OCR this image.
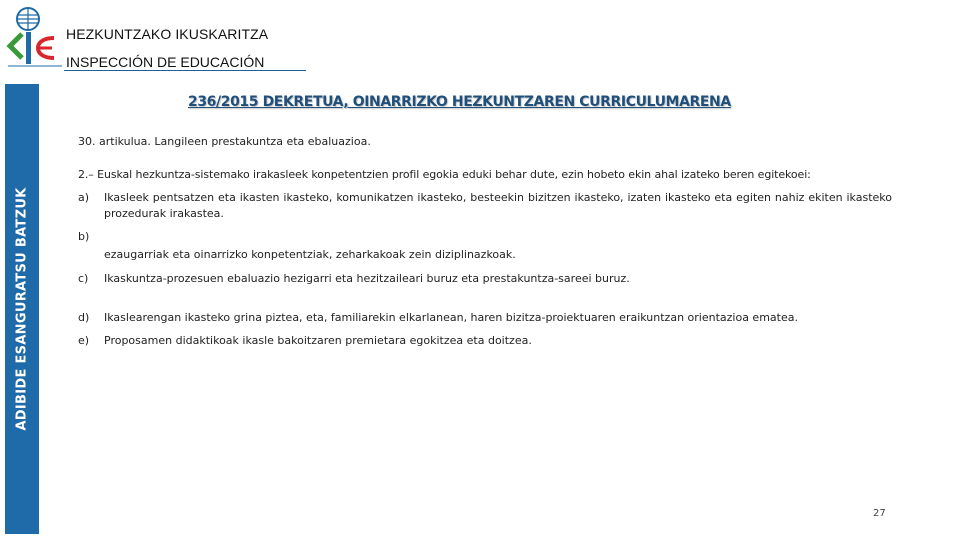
HEZKUNTZAKO IKUSKARITZA
INSPECCIÓN DE EDUCACIÓN
ADIBIDE ESANGURATSU BATZUK
236/2015 DEKRETUA, OINARRIZKO HEZKUNTZAREN CURRICULUMARENA
30. artikulua. Langileen prestakuntza eta ebaluazioa.
2.– Euskal hezkuntza-sistemako irakasleek konpetentzien profil egokia eduki behar dute, ezin hobeto ekin ahal izateko beren egitekoei:
a) Ikasleek pentsatzen eta ikasten ikasteko, komunikatzen ikasteko, besteekin bizitzen ikasteko, izaten ikasteko eta egiten nahiz ekiten ikasteko prozedurak irakastea.
b)
ezaugarriak eta oinarrizko konpetentziak, zeharkakoak zein diziplinazkoak.
c) Ikaskuntza-prozesuen ebaluazio hezigarri eta hezitzaileari buruz eta prestakuntza-sareei buruz.
d) Ikaslearengan ikasteko grina piztea, eta, familiarekin elkarlanean, haren bizitza-proiektuaren eraikuntzan orientazioa ematea.
e) Proposamen didaktikoak ikasle bakoitzaren premietara egokitzea eta doitzea.
27
